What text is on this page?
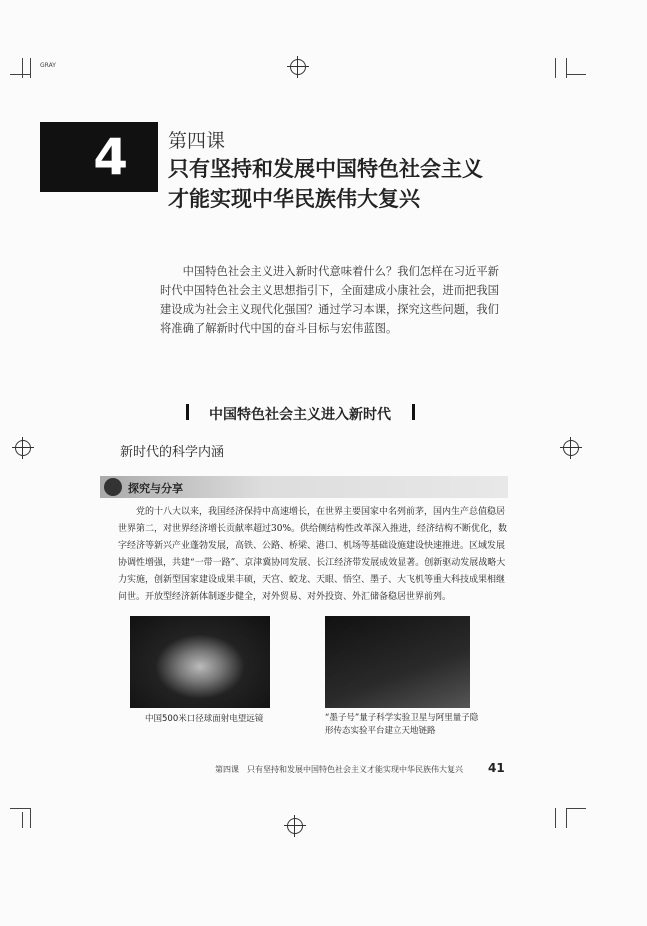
GRAY
4	第四课
只有坚持和发展中国特色社会主义
才能实现中华民族伟大复兴
中国特色社会主义进入新时代意味着什么？我们怎样在习近平新时代中国特色社会主义思想指引下，全面建成小康社会，进而把我国建设成为社会主义现代化强国？通过学习本课，探究这些问题，我们将准确了解新时代中国的奋斗目标与宏伟蓝图。
中国特色社会主义进入新时代
新时代的科学内涵
探究与分享
党的十八大以来，我国经济保持中高速增长，在世界主要国家中名列前茅，国内生产总值稳居世界第二，对世界经济增长贡献率超过30%。供给侧结构性改革深入推进，经济结构不断优化，数字经济等新兴产业蓬勃发展，高铁、公路、桥梁、港口、机场等基础设施建设快速推进。区域发展协调性增强，共建“一带一路”、京津冀协同发展、长江经济带发展成效显著。创新驱动发展战略大力实施，创新型国家建设成果丰硕，天宫、蛟龙、天眼、悟空、墨子、大飞机等重大科技成果相继问世。开放型经济新体制逐步健全，对外贸易、对外投资、外汇储备稳居世界前列。
中国500米口径球面射电望远镜	“墨子号”量子科学实验卫星与阿里量子隐形传态实验平台建立天地链路
第四课　只有坚持和发展中国特色社会主义才能实现中华民族伟大复兴 41
